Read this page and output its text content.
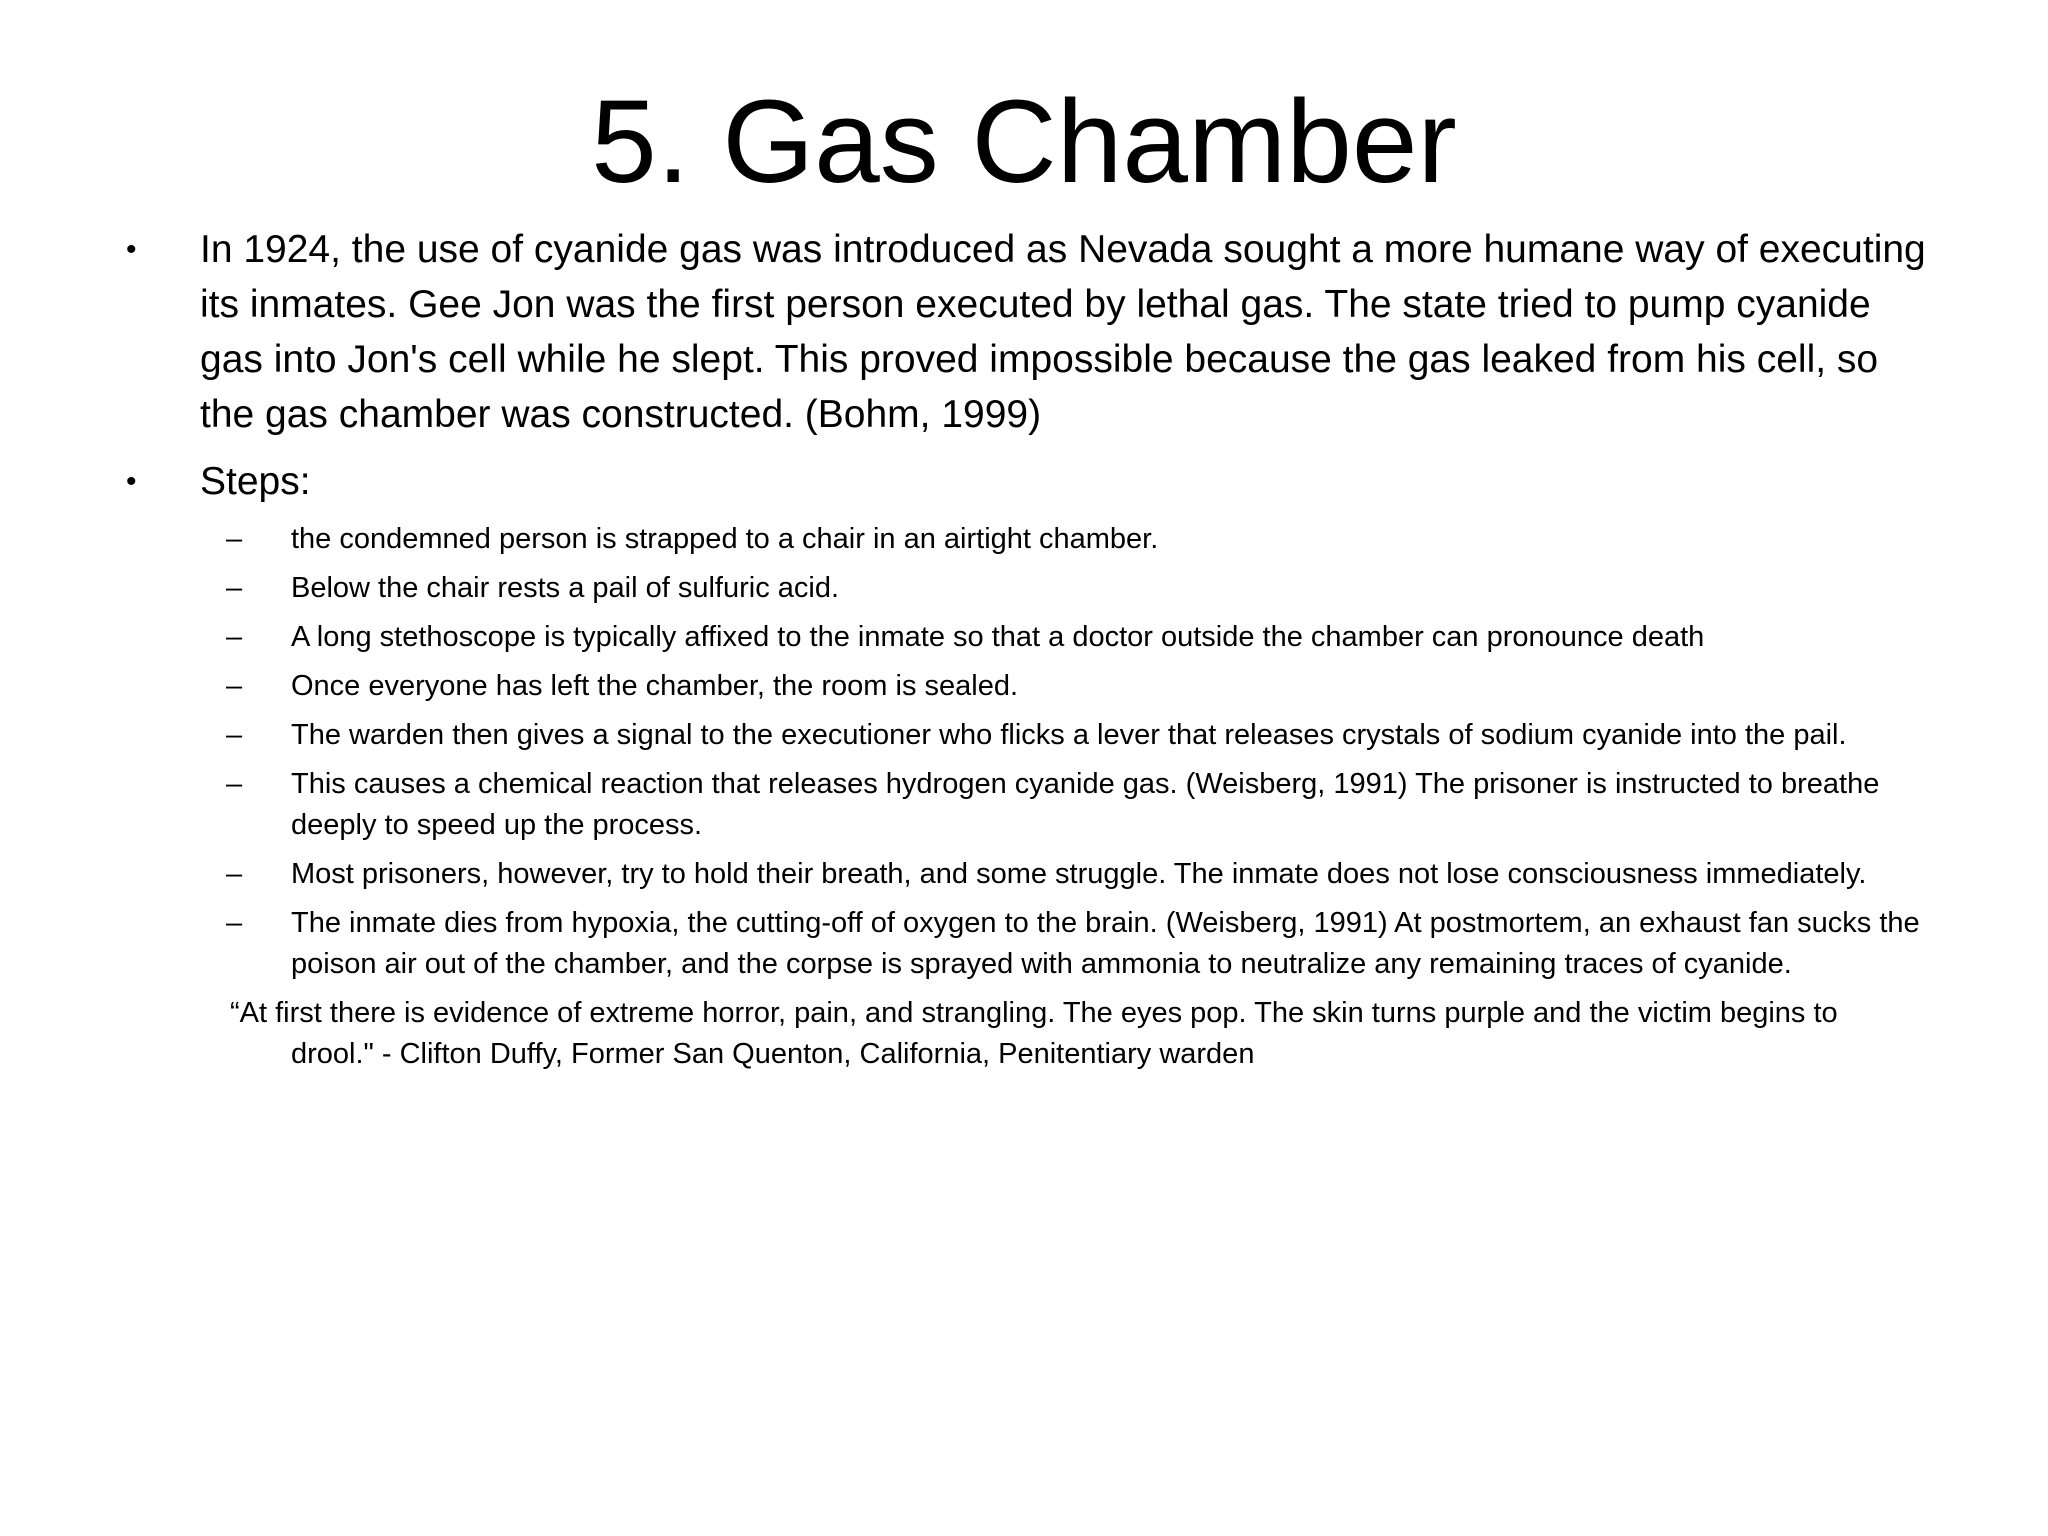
5. Gas Chamber
• In 1924, the use of cyanide gas was introduced as Nevada sought a more humane way of executing its inmates. Gee Jon was the first person executed by lethal gas. The state tried to pump cyanide gas into Jon's cell while he slept. This proved impossible because the gas leaked from his cell, so the gas chamber was constructed. (Bohm, 1999)
• Steps:
– the condemned person is strapped to a chair in an airtight chamber.
– Below the chair rests a pail of sulfuric acid.
– A long stethoscope is typically affixed to the inmate so that a doctor outside the chamber can pronounce death
– Once everyone has left the chamber, the room is sealed.
– The warden then gives a signal to the executioner who flicks a lever that releases crystals of sodium cyanide into the pail.
– This causes a chemical reaction that releases hydrogen cyanide gas. (Weisberg, 1991) The prisoner is instructed to breathe deeply to speed up the process.
– Most prisoners, however, try to hold their breath, and some struggle. The inmate does not lose consciousness immediately.
– The inmate dies from hypoxia, the cutting-off of oxygen to the brain. (Weisberg, 1991) At postmortem, an exhaust fan sucks the poison air out of the chamber, and the corpse is sprayed with ammonia to neutralize any remaining traces of cyanide.
“At first there is evidence of extreme horror, pain, and strangling. The eyes pop. The skin turns purple and the victim begins to drool." - Clifton Duffy, Former San Quenton, California, Penitentiary warden
